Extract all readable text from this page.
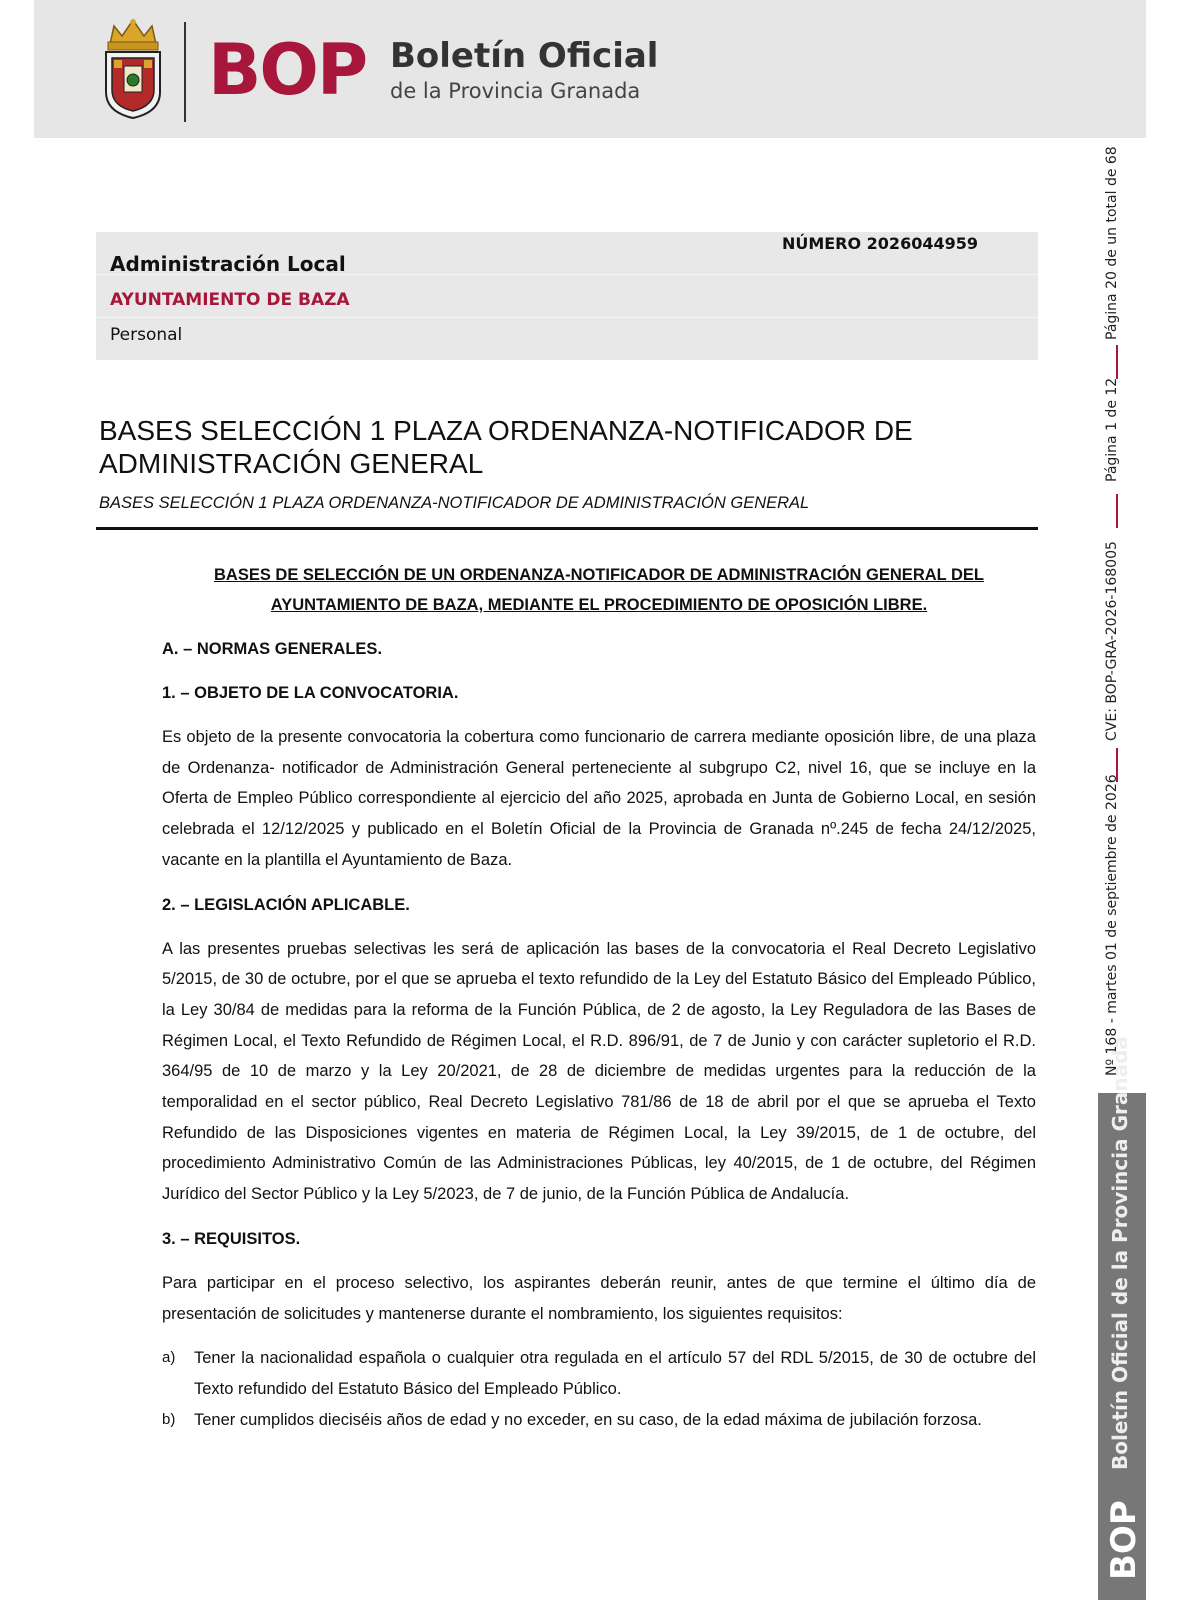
BOP Boletín Oficial
de la Provincia Granada
Página 20 de un total de 68
Página 1 de 12
CVE: BOP-GRA-2026-168005
Nº 168 - martes 01 de septiembre de 2026
Boletín Oficial de la Provincia Granada
BOP
NÚMERO 2026044959
Administración Local
AYUNTAMIENTO DE BAZA
Personal
BASES SELECCIÓN 1 PLAZA ORDENANZA-NOTIFICADOR DE ADMINISTRACIÓN GENERAL
BASES SELECCIÓN 1 PLAZA ORDENANZA-NOTIFICADOR DE ADMINISTRACIÓN GENERAL

BASES DE SELECCIÓN DE UN ORDENANZA-NOTIFICADOR DE ADMINISTRACIÓN GENERAL DEL AYUNTAMIENTO DE BAZA, MEDIANTE EL PROCEDIMIENTO DE OPOSICIÓN LIBRE.

A. – NORMAS GENERALES.

1. – OBJETO DE LA CONVOCATORIA.

Es objeto de la presente convocatoria la cobertura como funcionario de carrera mediante oposición libre, de una plaza de Ordenanza- notificador de Administración General perteneciente al subgrupo C2, nivel 16, que se incluye en la Oferta de Empleo Público correspondiente al ejercicio del año 2025, aprobada en Junta de Gobierno Local, en sesión celebrada el 12/12/2025 y publicado en el Boletín Oficial de la Provincia de Granada nº.245 de fecha 24/12/2025, vacante en la plantilla el Ayuntamiento de Baza.

2. – LEGISLACIÓN APLICABLE.

A las presentes pruebas selectivas les será de aplicación las bases de la convocatoria el Real Decreto Legislativo 5/2015, de 30 de octubre, por el que se aprueba el texto refundido de la Ley del Estatuto Básico del Empleado Público, la Ley 30/84 de medidas para la reforma de la Función Pública, de 2 de agosto, la Ley Reguladora de las Bases de Régimen Local, el Texto Refundido de Régimen Local, el R.D. 896/91, de 7 de Junio y con carácter supletorio el R.D. 364/95 de 10 de marzo y la Ley 20/2021, de 28 de diciembre de medidas urgentes para la reducción de la temporalidad en el sector público, Real Decreto Legislativo 781/86 de 18 de abril por el que se aprueba el Texto Refundido de las Disposiciones vigentes en materia de Régimen Local, la Ley 39/2015, de 1 de octubre, del procedimiento Administrativo Común de las Administraciones Públicas, ley 40/2015, de 1 de octubre, del Régimen Jurídico del Sector Público y la Ley 5/2023, de 7 de junio, de la Función Pública de Andalucía.

3. – REQUISITOS.

Para participar en el proceso selectivo, los aspirantes deberán reunir, antes de que termine el último día de presentación de solicitudes y mantenerse durante el nombramiento, los siguientes requisitos:

a) Tener la nacionalidad española o cualquier otra regulada en el artículo 57 del RDL 5/2015, de 30 de octubre del Texto refundido del Estatuto Básico del Empleado Público.
b) Tener cumplidos dieciséis años de edad y no exceder, en su caso, de la edad máxima de jubilación forzosa.
